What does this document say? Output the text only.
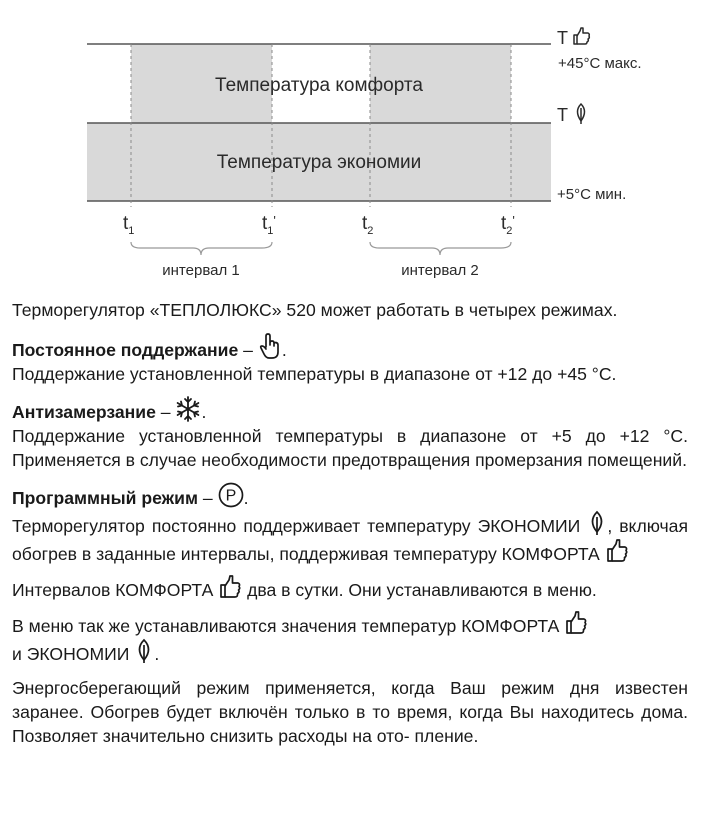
Температура комфорта
Температура экономии
T
+45°С макс.
T
+5°С мин.
$t_1$	$t_1'$	$t_2$	$t_2'$
интервал 1	интервал 2

Терморегулятор «ТЕПЛОЛЮКС» 520 может работать в четырех режимах.

Постоянное поддержание –
.

Поддержание установленной температуры в диапазоне от +12 до +45 °С.

Антизамерзание –
.

Поддержание установленной температуры в диапазоне от +5 до +12 °С. Применяется в случае необходимости предотвращения промерзания помещений.

Программный режим – P .

Терморегулятор постоянно поддерживает температуру ЭКОНОМИИ
, включая обогрев в заданные интервалы, поддерживая температуру КОМФОРТА

Интервалов КОМФОРТА
два в сутки. Они устанавливаются в меню.

В меню так же устанавливаются значения температур КОМФОРТА

и ЭКОНОМИИ
.

Энергосберегающий режим применяется, когда Ваш режим дня известен заранее. Обогрев будет включён только в то время, когда Вы находитесь дома. Позволяет значительно снизить расходы на ото- пление.
